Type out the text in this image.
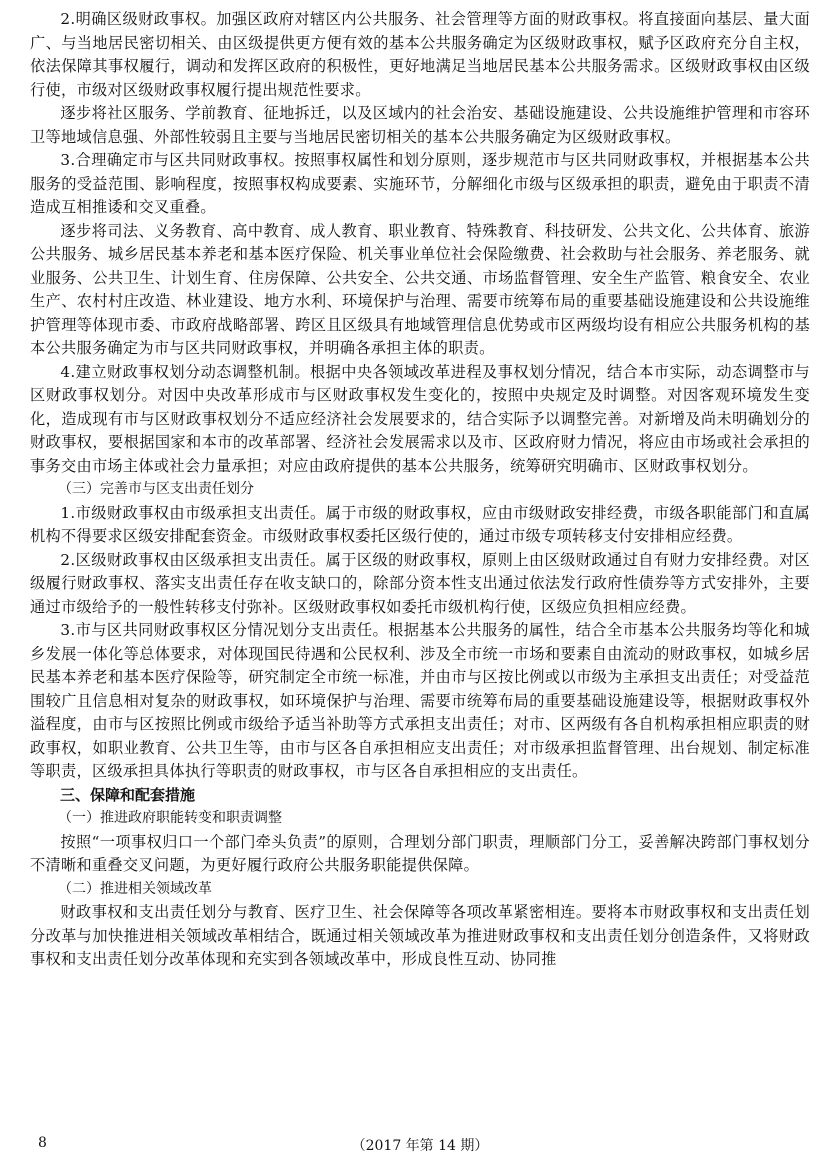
2.明确区级财政事权。加强区政府对辖区内公共服务、社会管理等方面的财政事权。将直接面向基层、量大面广、与当地居民密切相关、由区级提供更方便有效的基本公共服务确定为区级财政事权，赋予区政府充分自主权，依法保障其事权履行，调动和发挥区政府的积极性，更好地满足当地居民基本公共服务需求。区级财政事权由区级行使，市级对区级财政事权履行提出规范性要求。

逐步将社区服务、学前教育、征地拆迁，以及区域内的社会治安、基础设施建设、公共设施维护管理和市容环卫等地域信息强、外部性较弱且主要与当地居民密切相关的基本公共服务确定为区级财政事权。

3.合理确定市与区共同财政事权。按照事权属性和划分原则，逐步规范市与区共同财政事权，并根据基本公共服务的受益范围、影响程度，按照事权构成要素、实施环节，分解细化市级与区级承担的职责，避免由于职责不清造成互相推诿和交叉重叠。

逐步将司法、义务教育、高中教育、成人教育、职业教育、特殊教育、科技研发、公共文化、公共体育、旅游公共服务、城乡居民基本养老和基本医疗保险、机关事业单位社会保险缴费、社会救助与社会服务、养老服务、就业服务、公共卫生、计划生育、住房保障、公共安全、公共交通、市场监督管理、安全生产监管、粮食安全、农业生产、农村村庄改造、林业建设、地方水利、环境保护与治理、需要市统筹布局的重要基础设施建设和公共设施维护管理等体现市委、市政府战略部署、跨区且区级具有地域管理信息优势或市区两级均设有相应公共服务机构的基本公共服务确定为市与区共同财政事权，并明确各承担主体的职责。

4.建立财政事权划分动态调整机制。根据中央各领域改革进程及事权划分情况，结合本市实际，动态调整市与区财政事权划分。对因中央改革形成市与区财政事权发生变化的，按照中央规定及时调整。对因客观环境发生变化，造成现有市与区财政事权划分不适应经济社会发展要求的，结合实际予以调整完善。对新增及尚未明确划分的财政事权，要根据国家和本市的改革部署、经济社会发展需求以及市、区政府财力情况，将应由市场或社会承担的事务交由市场主体或社会力量承担；对应由政府提供的基本公共服务，统筹研究明确市、区财政事权划分。

（三）完善市与区支出责任划分

1.市级财政事权由市级承担支出责任。属于市级的财政事权，应由市级财政安排经费，市级各职能部门和直属机构不得要求区级安排配套资金。市级财政事权委托区级行使的，通过市级专项转移支付安排相应经费。

2.区级财政事权由区级承担支出责任。属于区级的财政事权，原则上由区级财政通过自有财力安排经费。对区级履行财政事权、落实支出责任存在收支缺口的，除部分资本性支出通过依法发行政府性债券等方式安排外，主要通过市级给予的一般性转移支付弥补。区级财政事权如委托市级机构行使，区级应负担相应经费。

3.市与区共同财政事权区分情况划分支出责任。根据基本公共服务的属性，结合全市基本公共服务均等化和城乡发展一体化等总体要求，对体现国民待遇和公民权利、涉及全市统一市场和要素自由流动的财政事权，如城乡居民基本养老和基本医疗保险等，研究制定全市统一标准，并由市与区按比例或以市级为主承担支出责任；对受益范围较广且信息相对复杂的财政事权，如环境保护与治理、需要市统筹布局的重要基础设施建设等，根据财政事权外溢程度，由市与区按照比例或市级给予适当补助等方式承担支出责任；对市、区两级有各自机构承担相应职责的财政事权，如职业教育、公共卫生等，由市与区各自承担相应支出责任；对市级承担监督管理、出台规划、制定标准等职责，区级承担具体执行等职责的财政事权，市与区各自承担相应的支出责任。

三、保障和配套措施

（一）推进政府职能转变和职责调整

按照“一项事权归口一个部门牵头负责”的原则，合理划分部门职责，理顺部门分工，妥善解决跨部门事权划分不清晰和重叠交叉问题，为更好履行政府公共服务职能提供保障。

（二）推进相关领域改革

财政事权和支出责任划分与教育、医疗卫生、社会保障等各项改革紧密相连。要将本市财政事权和支出责任划分改革与加快推进相关领域改革相结合，既通过相关领域改革为推进财政事权和支出责任划分创造条件，又将财政事权和支出责任划分改革体现和充实到各领域改革中，形成良性互动、协同推

8	（2017 年第 14 期）
